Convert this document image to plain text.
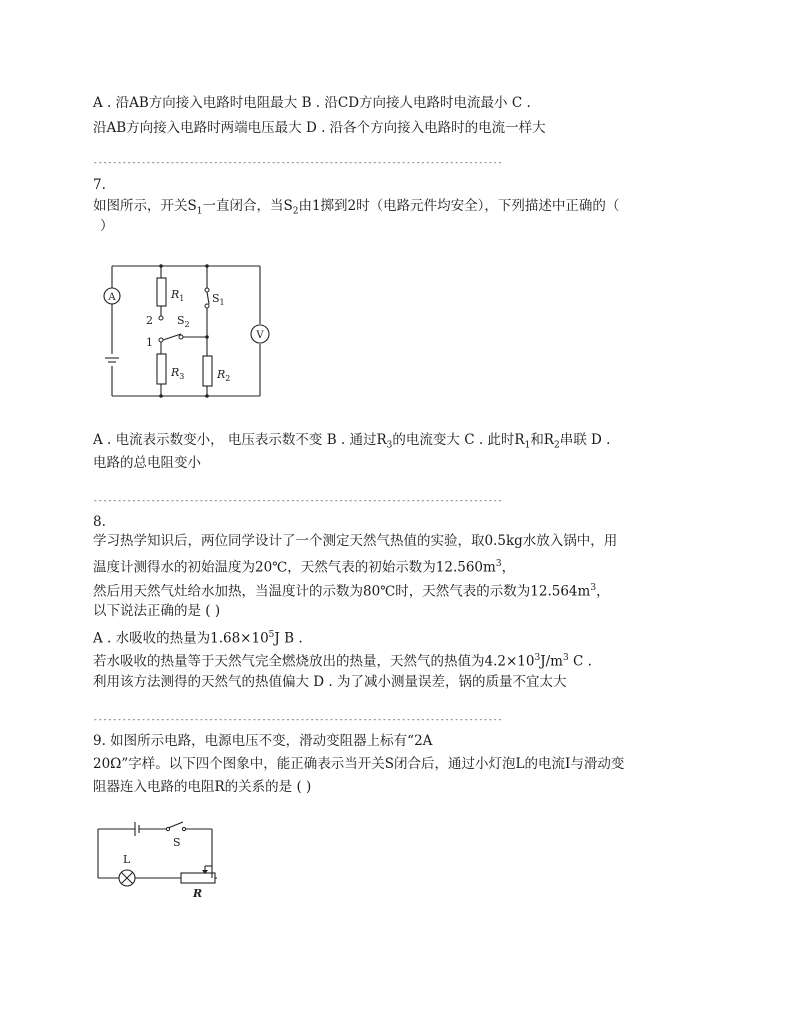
A . 沿AB方向接入电路时电阻最大 B . 沿CD方向接人电路时电流最小 C .
沿AB方向接入电路时两端电压最大 D . 沿各个方向接入电路时的电流一样大
-------------------------------------------------------------------------------------
7.
如图所示，开关$S_1$一直闭合，当$S_2$由1掷到2时（电路元件均安全），下列描述中正确的（
）
A
V
$R_1$	$S_1$
2 $S_2$
1
$R_3$	$R_2$
A . 电流表示数变小， 电压表示数不变 B . 通过$R_3$的电流变大 C . 此时$R_1$和$R_2$串联 D .
电路的总电阻变小
-------------------------------------------------------------------------------------
8.
学习热学知识后，两位同学设计了一个测定天然气热值的实验，取0.5kg水放入锅中，用
温度计测得水的初始温度为20℃，天然气表的初始示数为$12.560m^3$，
然后用天然气灶给水加热，当温度计的示数为80℃时，天然气表的示数为$12.564m^3$，
以下说法正确的是 ( )
A . 水吸收的热量为$1.68\times 10^5J$ B .
若水吸收的热量等于天然气完全燃烧放出的热量，天然气的热值为$4.2\times 10^3J/m^3$ C .
利用该方法测得的天然气的热值偏大 D . 为了减小测量误差，锅的质量不宜太大
-------------------------------------------------------------------------------------
9. 如图所示电路，电源电压不变，滑动变阻器上标有“2A
20Ω”字样。以下四个图象中，能正确表示当开关S闭合后，通过小灯泡L的电流I与滑动变
阻器连入电路的电阻R的关系的是 ( )
S
L
R
